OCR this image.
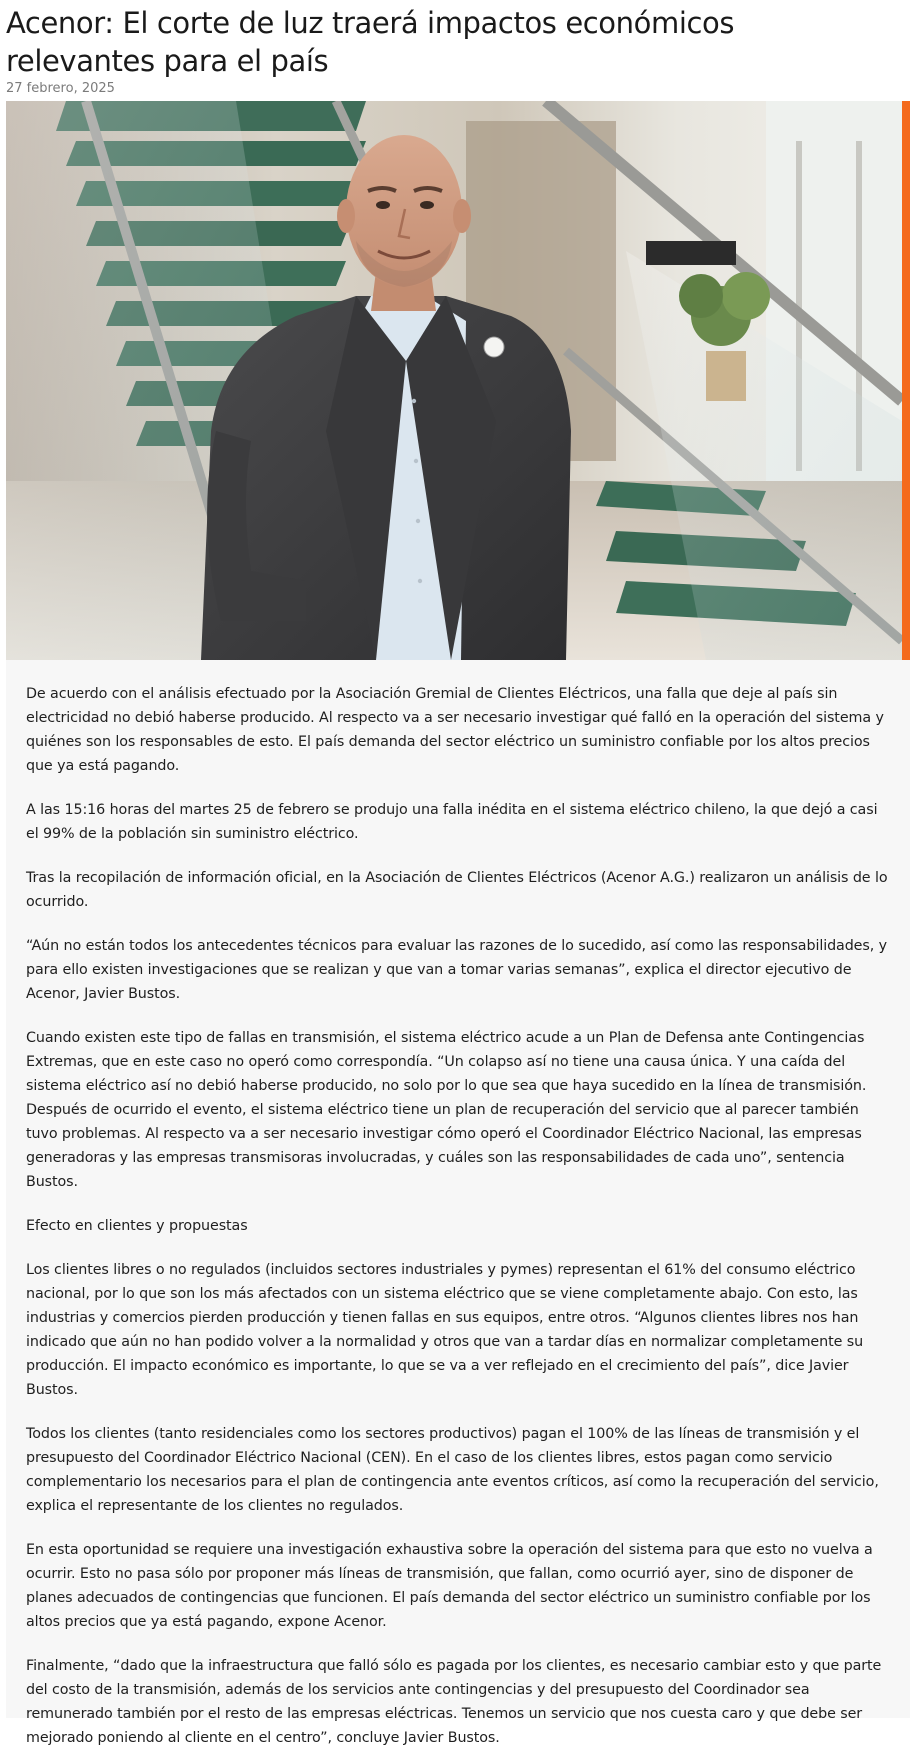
Acenor: El corte de luz traerá impactos económicos relevantes para el país
27 febrero, 2025

De acuerdo con el análisis efectuado por la Asociación Gremial de Clientes Eléctricos, una falla que deje al país sin electricidad no debió haberse producido. Al respecto va a ser necesario investigar qué falló en la operación del sistema y quiénes son los responsables de esto. El país demanda del sector eléctrico un suministro confiable por los altos precios que ya está pagando.

A las 15:16 horas del martes 25 de febrero se produjo una falla inédita en el sistema eléctrico chileno, la que dejó a casi el 99% de la población sin suministro eléctrico.

Tras la recopilación de información oficial, en la Asociación de Clientes Eléctricos (Acenor A.G.) realizaron un análisis de lo ocurrido.

“Aún no están todos los antecedentes técnicos para evaluar las razones de lo sucedido, así como las responsabilidades, y para ello existen investigaciones que se realizan y que van a tomar varias semanas”, explica el director ejecutivo de Acenor, Javier Bustos.

Cuando existen este tipo de fallas en transmisión, el sistema eléctrico acude a un Plan de Defensa ante Contingencias Extremas, que en este caso no operó como correspondía. “Un colapso así no tiene una causa única. Y una caída del sistema eléctrico así no debió haberse producido, no solo por lo que sea que haya sucedido en la línea de transmisión. Después de ocurrido el evento, el sistema eléctrico tiene un plan de recuperación del servicio que al parecer también tuvo problemas. Al respecto va a ser necesario investigar cómo operó el Coordinador Eléctrico Nacional, las empresas generadoras y las empresas transmisoras involucradas, y cuáles son las responsabilidades de cada uno”, sentencia Bustos.

Efecto en clientes y propuestas

Los clientes libres o no regulados (incluidos sectores industriales y pymes) representan el 61% del consumo eléctrico nacional, por lo que son los más afectados con un sistema eléctrico que se viene completamente abajo. Con esto, las industrias y comercios pierden producción y tienen fallas en sus equipos, entre otros. “Algunos clientes libres nos han indicado que aún no han podido volver a la normalidad y otros que van a tardar días en normalizar completamente su producción. El impacto económico es importante, lo que se va a ver reflejado en el crecimiento del país”, dice Javier Bustos.

Todos los clientes (tanto residenciales como los sectores productivos) pagan el 100% de las líneas de transmisión y el presupuesto del Coordinador Eléctrico Nacional (CEN). En el caso de los clientes libres, estos pagan como servicio complementario los necesarios para el plan de contingencia ante eventos críticos, así como la recuperación del servicio, explica el representante de los clientes no regulados.

En esta oportunidad se requiere una investigación exhaustiva sobre la operación del sistema para que esto no vuelva a ocurrir. Esto no pasa sólo por proponer más líneas de transmisión, que fallan, como ocurrió ayer, sino de disponer de planes adecuados de contingencias que funcionen. El país demanda del sector eléctrico un suministro confiable por los altos precios que ya está pagando, expone Acenor.

Finalmente, “dado que la infraestructura que falló sólo es pagada por los clientes, es necesario cambiar esto y que parte del costo de la transmisión, además de los servicios ante contingencias y del presupuesto del Coordinador sea remunerado también por el resto de las empresas eléctricas. Tenemos un servicio que nos cuesta caro y que debe ser mejorado poniendo al cliente en el centro”, concluye Javier Bustos.
